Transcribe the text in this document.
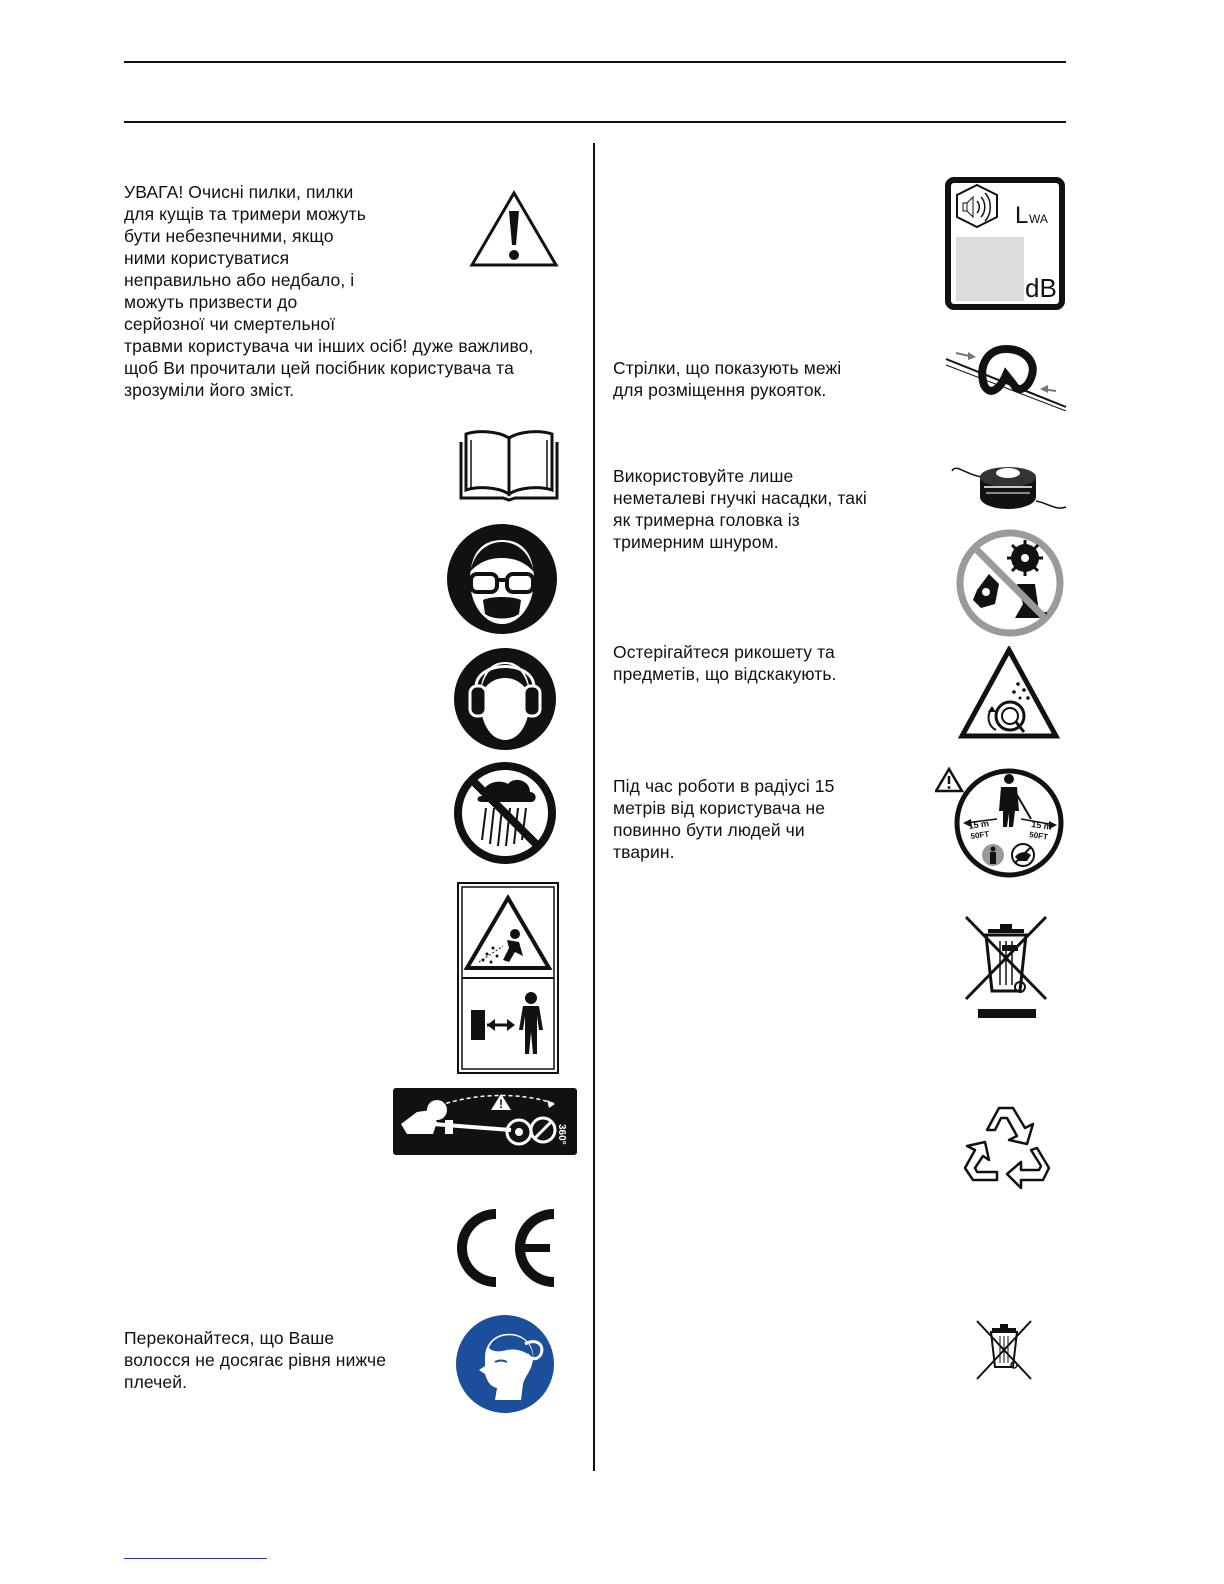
УВАГА! Очисні пилки, пилки
для кущів та тримери можуть
бути небезпечними, якщо
ними користуватися
неправильно або недбало, і
можуть призвести до
серйозної чи смертельної
травми користувача чи інших осіб! дуже важливо,
щоб Ви прочитали цей посібник користувача та
зрозуміли його зміст.
Переконайтеся, що Ваше
волосся не досягає рівня нижче
плечей.
!
360°
Стрілки, що показують межі
для розміщення рукояток.
Використовуйте лише
неметалеві гнучкі насадки, такі
як тримерна головка із
тримерним шнуром.
Остерігайтеся рикошету та
предметів, що відскакують.
Під час роботи в радіусі 15
метрів від користувача не
повинно бути людей чи
тварин.
L WA
dB
15 m
50FT
15 m
50FT
